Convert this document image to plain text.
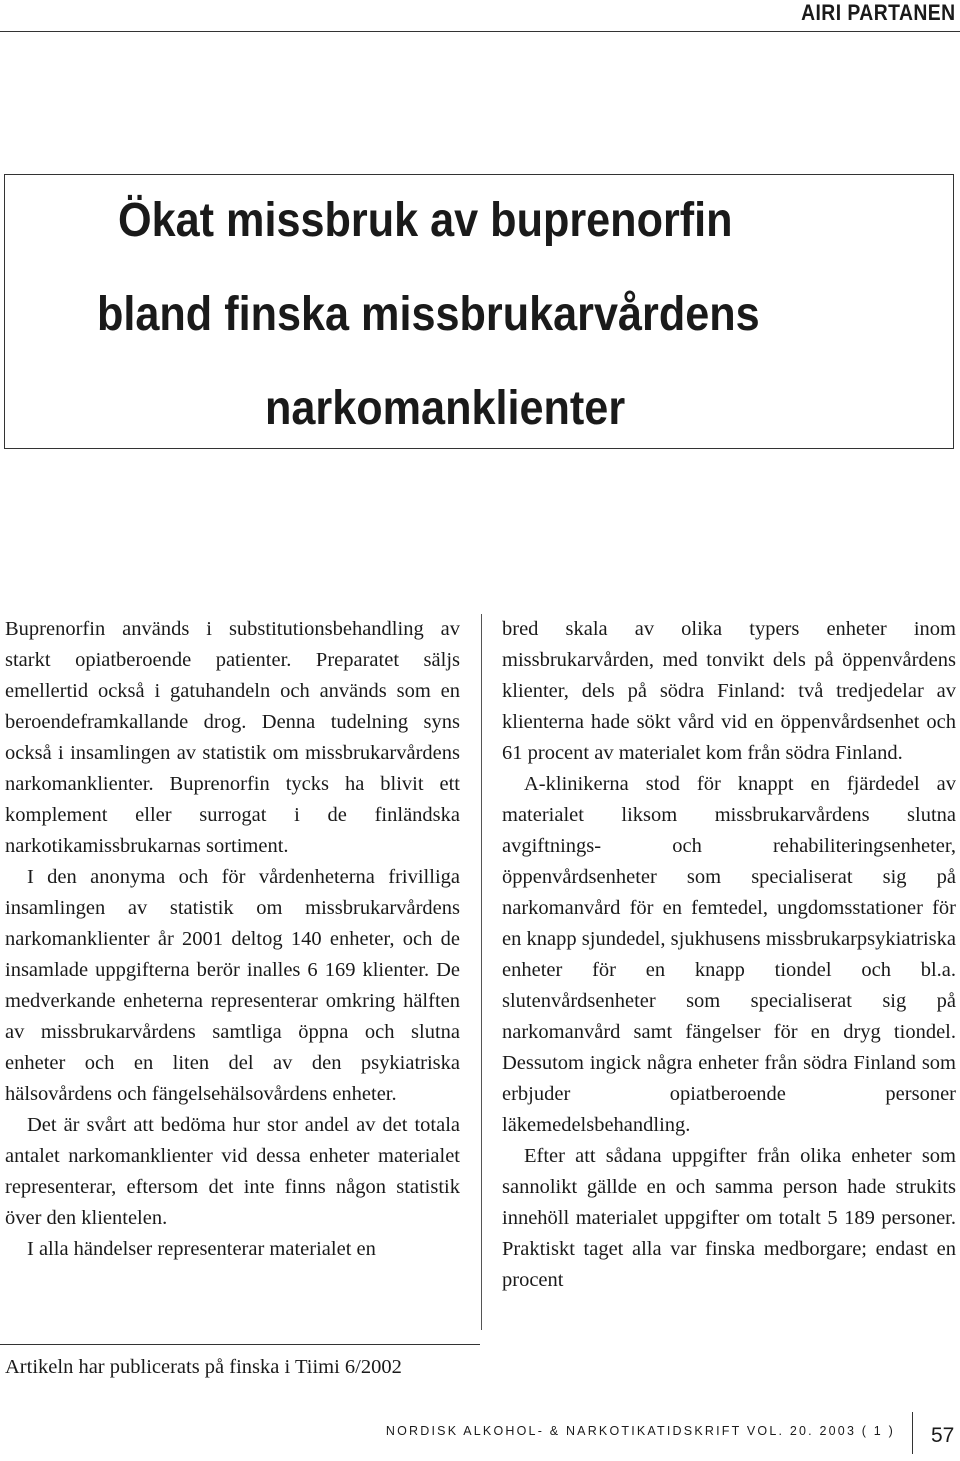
AIRI PARTANEN
Ökat missbruk av buprenorfin
bland finska missbrukarvårdens
narkomanklienter

Buprenorfin används i substitutionsbehandling av starkt opiatberoende patienter. Preparatet säljs emellertid också i gatuhandeln och används som en beroendeframkallande drog. Denna tudelning syns också i insamlingen av statistik om missbrukarvårdens narkomanklienter. Buprenorfin tycks ha blivit ett komplement eller surrogat i de finländska narkotikamissbrukarnas sortiment.

I den anonyma och för vårdenheterna frivilliga insamlingen av statistik om missbrukarvårdens narkomanklienter år 2001 deltog 140 enheter, och de insamlade uppgifterna berör inalles 6 169 klienter. De medverkande enheterna representerar omkring hälften av missbrukarvårdens samtliga öppna och slutna enheter och en liten del av den psykiatriska hälsovårdens och fängelsehälsovårdens enheter.

Det är svårt att bedöma hur stor andel av det totala antalet narkomanklienter vid dessa enheter materialet representerar, eftersom det inte finns någon statistik över den klientelen.

I alla händelser representerar materialet en

bred skala av olika typers enheter inom missbrukarvården, med tonvikt dels på öppenvårdens klienter, dels på södra Finland: två tredjedelar av klienterna hade sökt vård vid en öppenvårdsenhet och 61 procent av materialet kom från södra Finland.

A-klinikerna stod för knappt en fjärdedel av materialet liksom missbrukarvårdens slutna avgiftnings- och rehabiliteringsenheter, öppenvårdsenheter som specialiserat sig på narkomanvård för en femtedel, ungdomsstationer för en knapp sjundedel, sjukhusens missbrukarpsykiatriska enheter för en knapp tiondel och bl.a. slutenvårdsenheter som specialiserat sig på narkomanvård samt fängelser för en dryg tiondel. Dessutom ingick några enheter från södra Finland som erbjuder opiatberoende personer läkemedelsbehandling.

Efter att sådana uppgifter från olika enheter som sannolikt gällde en och samma person hade strukits innehöll materialet uppgifter om totalt 5 189 personer. Praktiskt taget alla var finska medborgare; endast en procent

Artikeln har publicerats på finska i Tiimi 6/2002
NORDISK ALKOHOL- & NARKOTIKATIDSKRIFT VOL. 20. 2003 ( 1 ) 57
